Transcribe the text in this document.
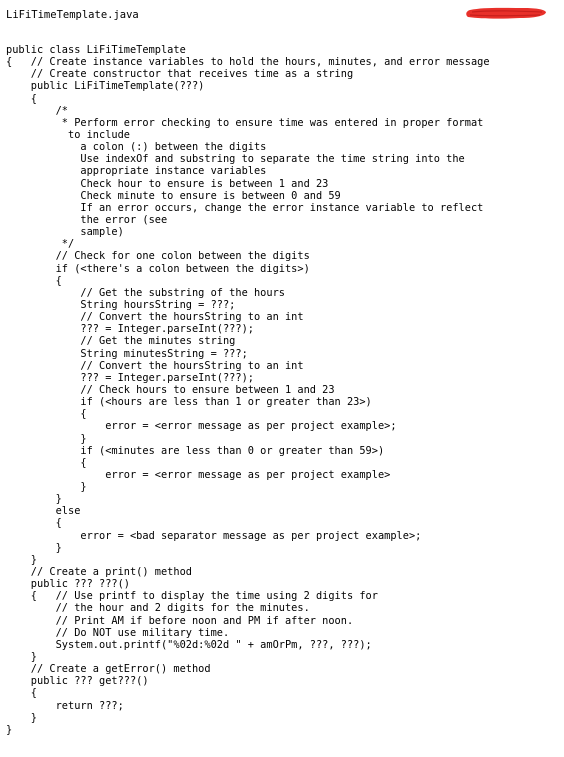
LiFiTimeTemplate.java
public class LiFiTimeTemplate
{   // Create instance variables to hold the hours, minutes, and error message
// Create constructor that receives time as a string
public LiFiTimeTemplate(???)
{
/*
* Perform error checking to ensure time was entered in proper format
to include
a colon (:) between the digits
Use indexOf and substring to separate the time string into the
appropriate instance variables
Check hour to ensure is between 1 and 23
Check minute to ensure is between 0 and 59
If an error occurs, change the error instance variable to reflect
the error (see
sample)
*/
// Check for one colon between the digits
if (<there's a colon between the digits>)
{
// Get the substring of the hours
String hoursString = ???;
// Convert the hoursString to an int
??? = Integer.parseInt(???);
// Get the minutes string
String minutesString = ???;
// Convert the hoursString to an int
??? = Integer.parseInt(???);
// Check hours to ensure between 1 and 23
if (<hours are less than 1 or greater than 23>)
{
error = <error message as per project example>;
}
if (<minutes are less than 0 or greater than 59>)
{
error = <error message as per project example>
}
}
else
{
error = <bad separator message as per project example>;
}
}
// Create a print() method
public ??? ???()
{   // Use printf to display the time using 2 digits for
// the hour and 2 digits for the minutes.
// Print AM if before noon and PM if after noon.
// Do NOT use military time.
System.out.printf("%02d:%02d " + amOrPm, ???, ???);
}
// Create a getError() method
public ??? get???()
{
return ???;
}
}
